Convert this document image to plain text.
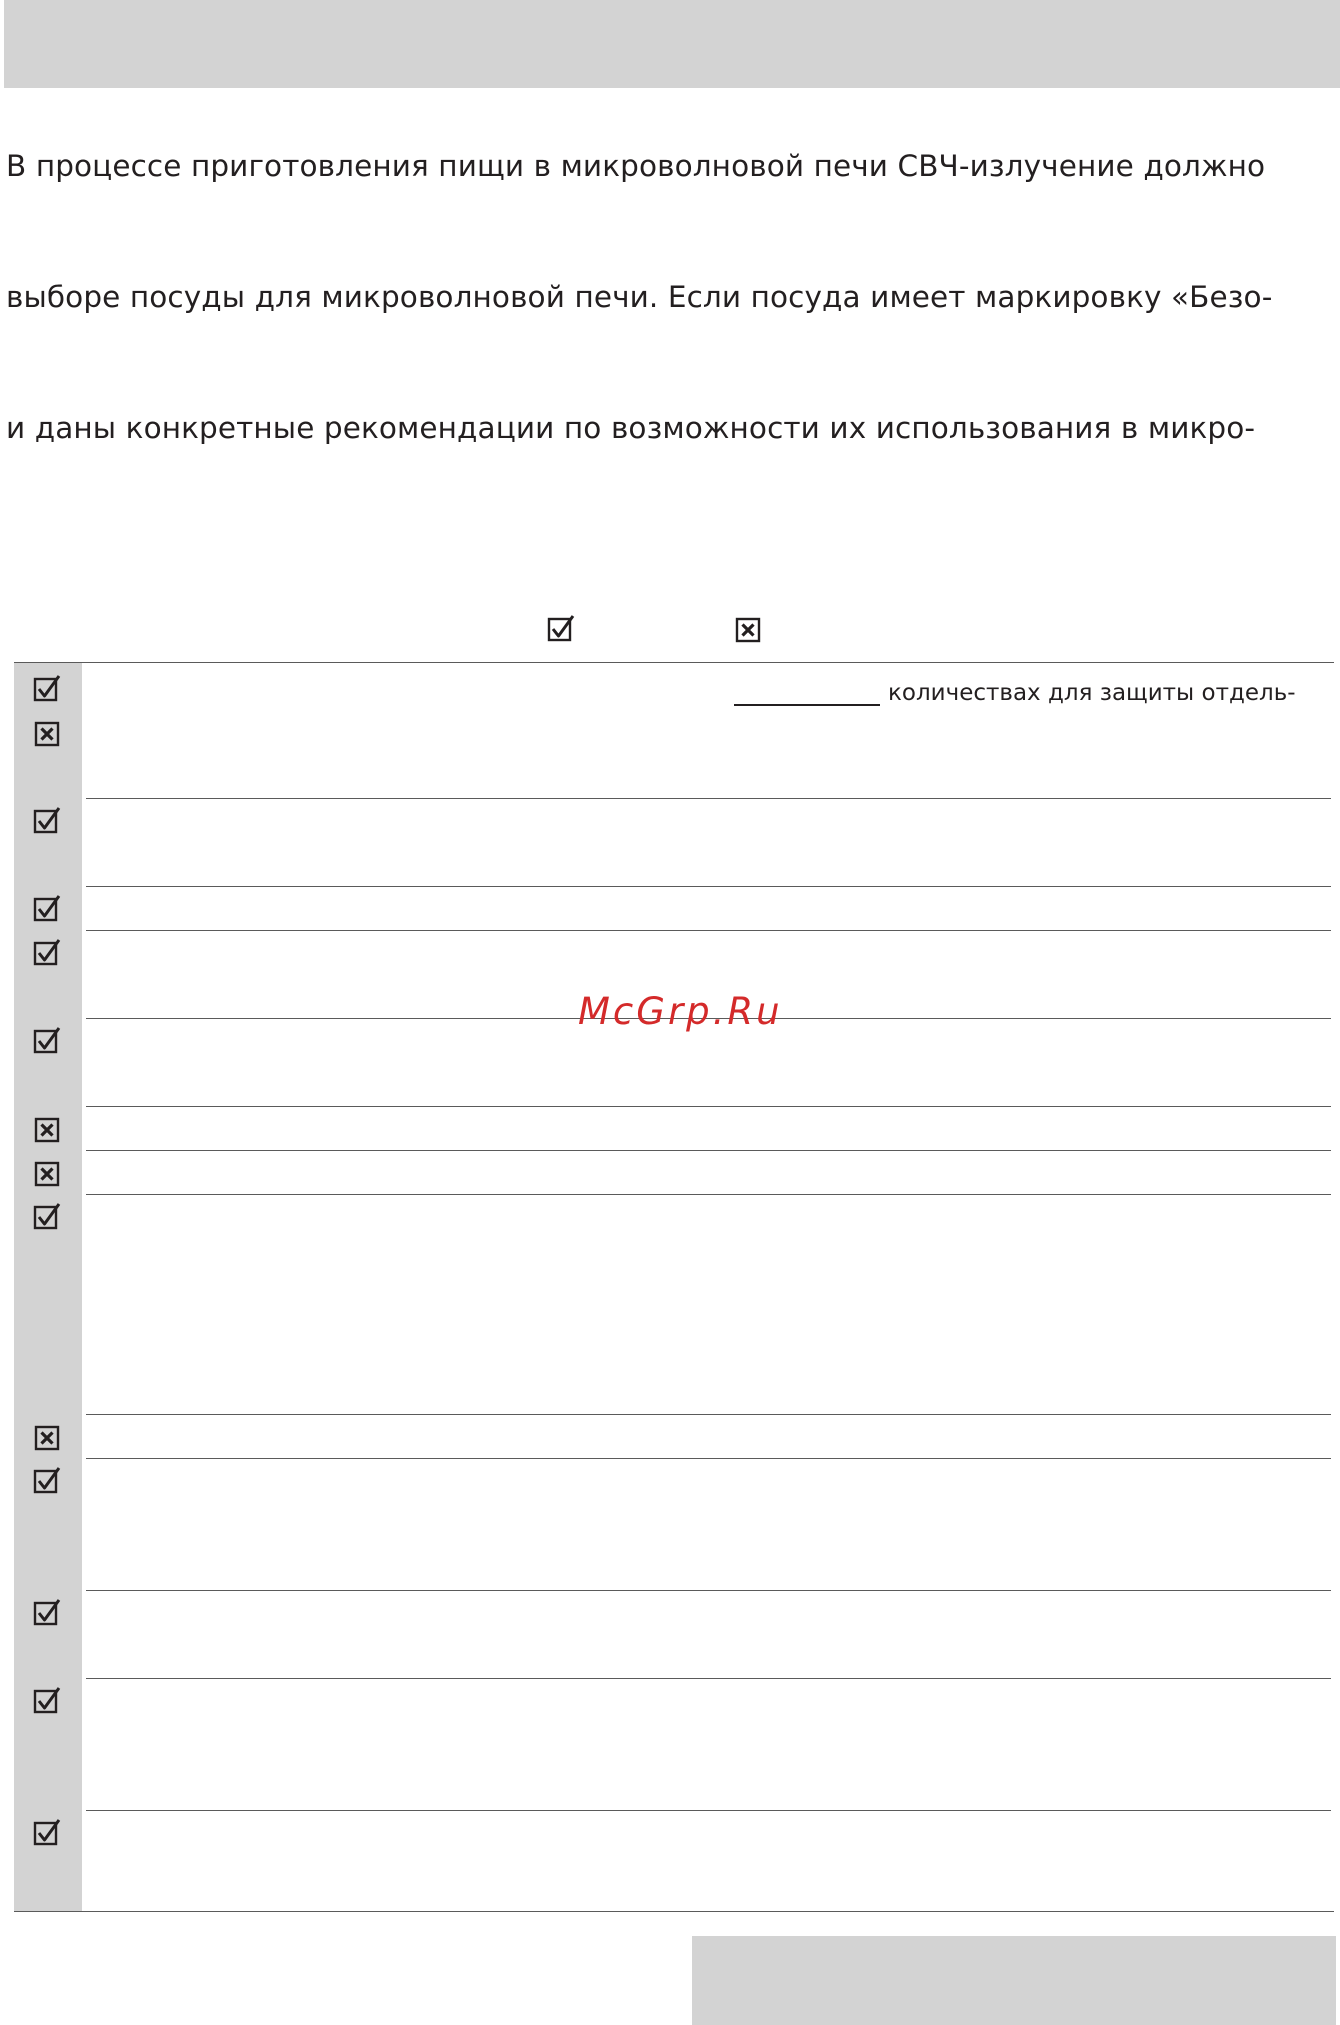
В процессе приготовления пищи в микроволновой печи СВЧ-излучение должно
выборе посуды для микроволновой печи. Если посуда имеет маркировку «Безо-
и даны конкретные рекомендации по возможности их использования в микро-
количествах для защиты отдель-
McGrp.Ru
